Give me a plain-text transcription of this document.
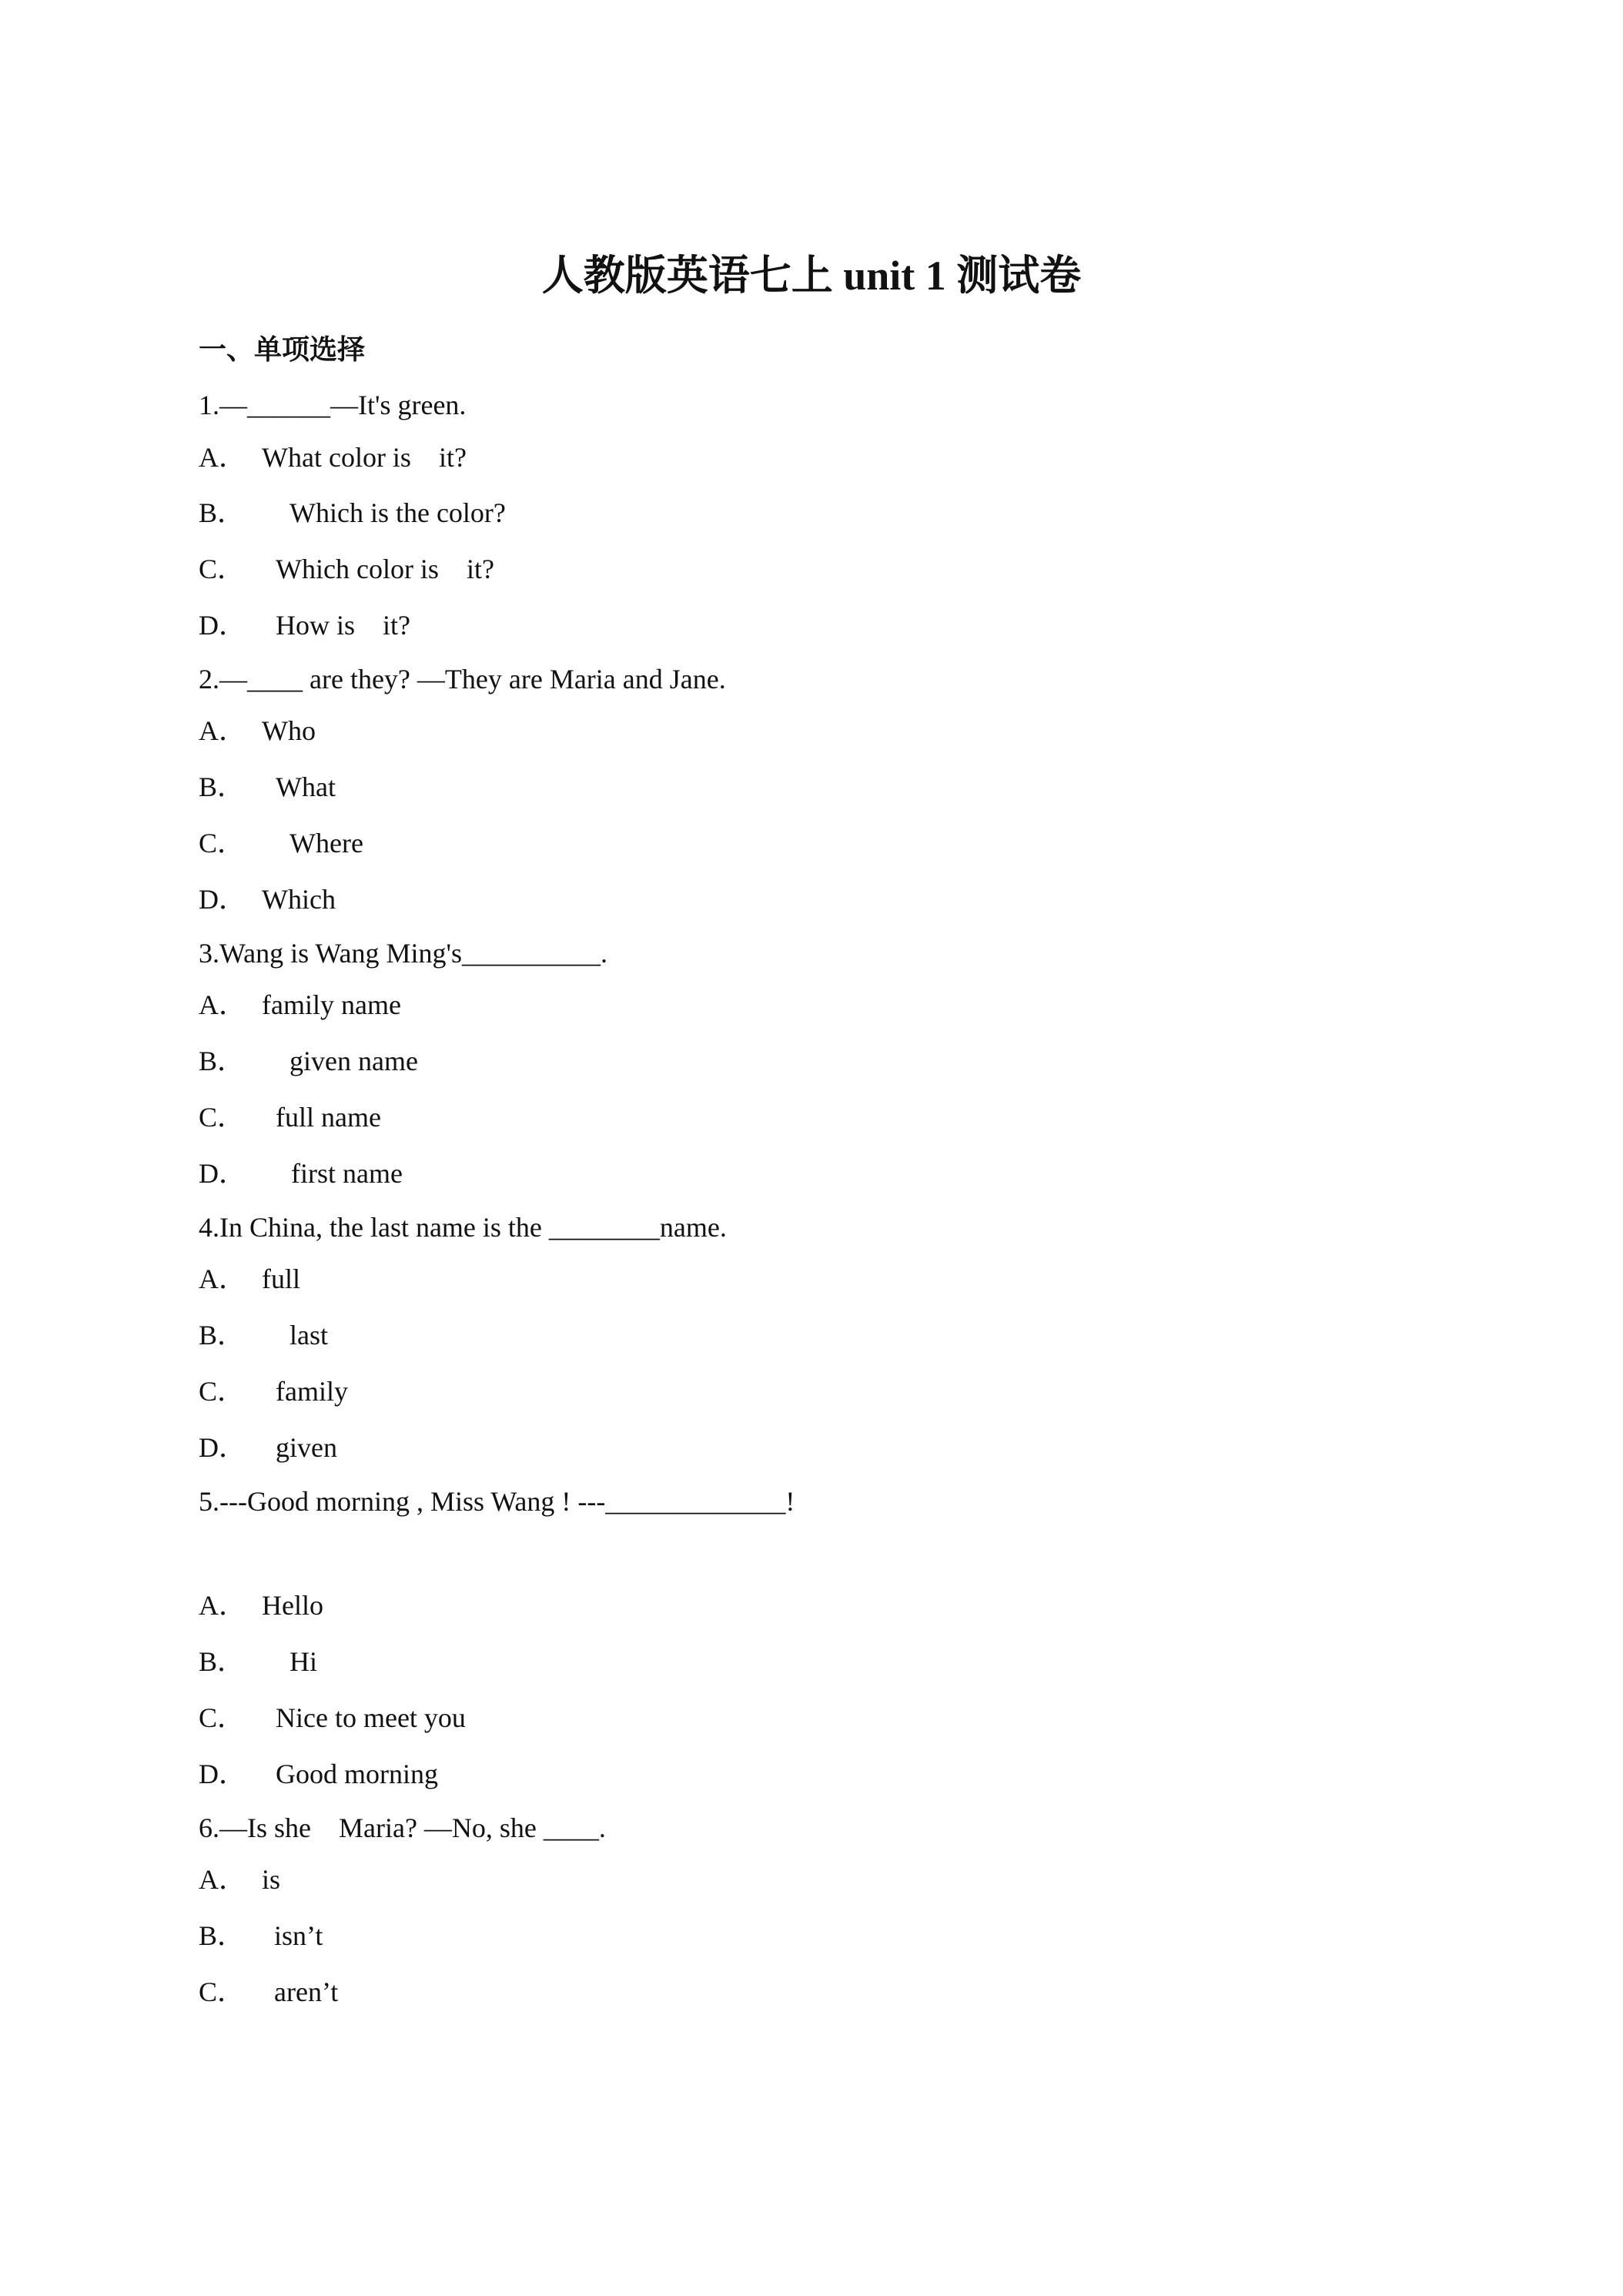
人教版英语七上 unit 1 测试卷
一、单项选择
1.—______—It's green.
A． What color is    it?
B． Which is the color?
C． Which color is    it?
D． How is    it?
2.—____ are they? —They are Maria and Jane.
A． Who
B． What
C． Where
D． Which
3.Wang is Wang Ming's__________.
A． family name
B． given name
C． full name
D． first name
4.In China, the last name is the ________name.
A． full
B． last
C． family
D． given
5.---Good morning , Miss Wang ! ---_____________!
A． Hello
B． Hi
C． Nice to meet you
D． Good morning
6.—Is she    Maria? —No, she ____.
A． is
B． isn’t
C． aren’t
